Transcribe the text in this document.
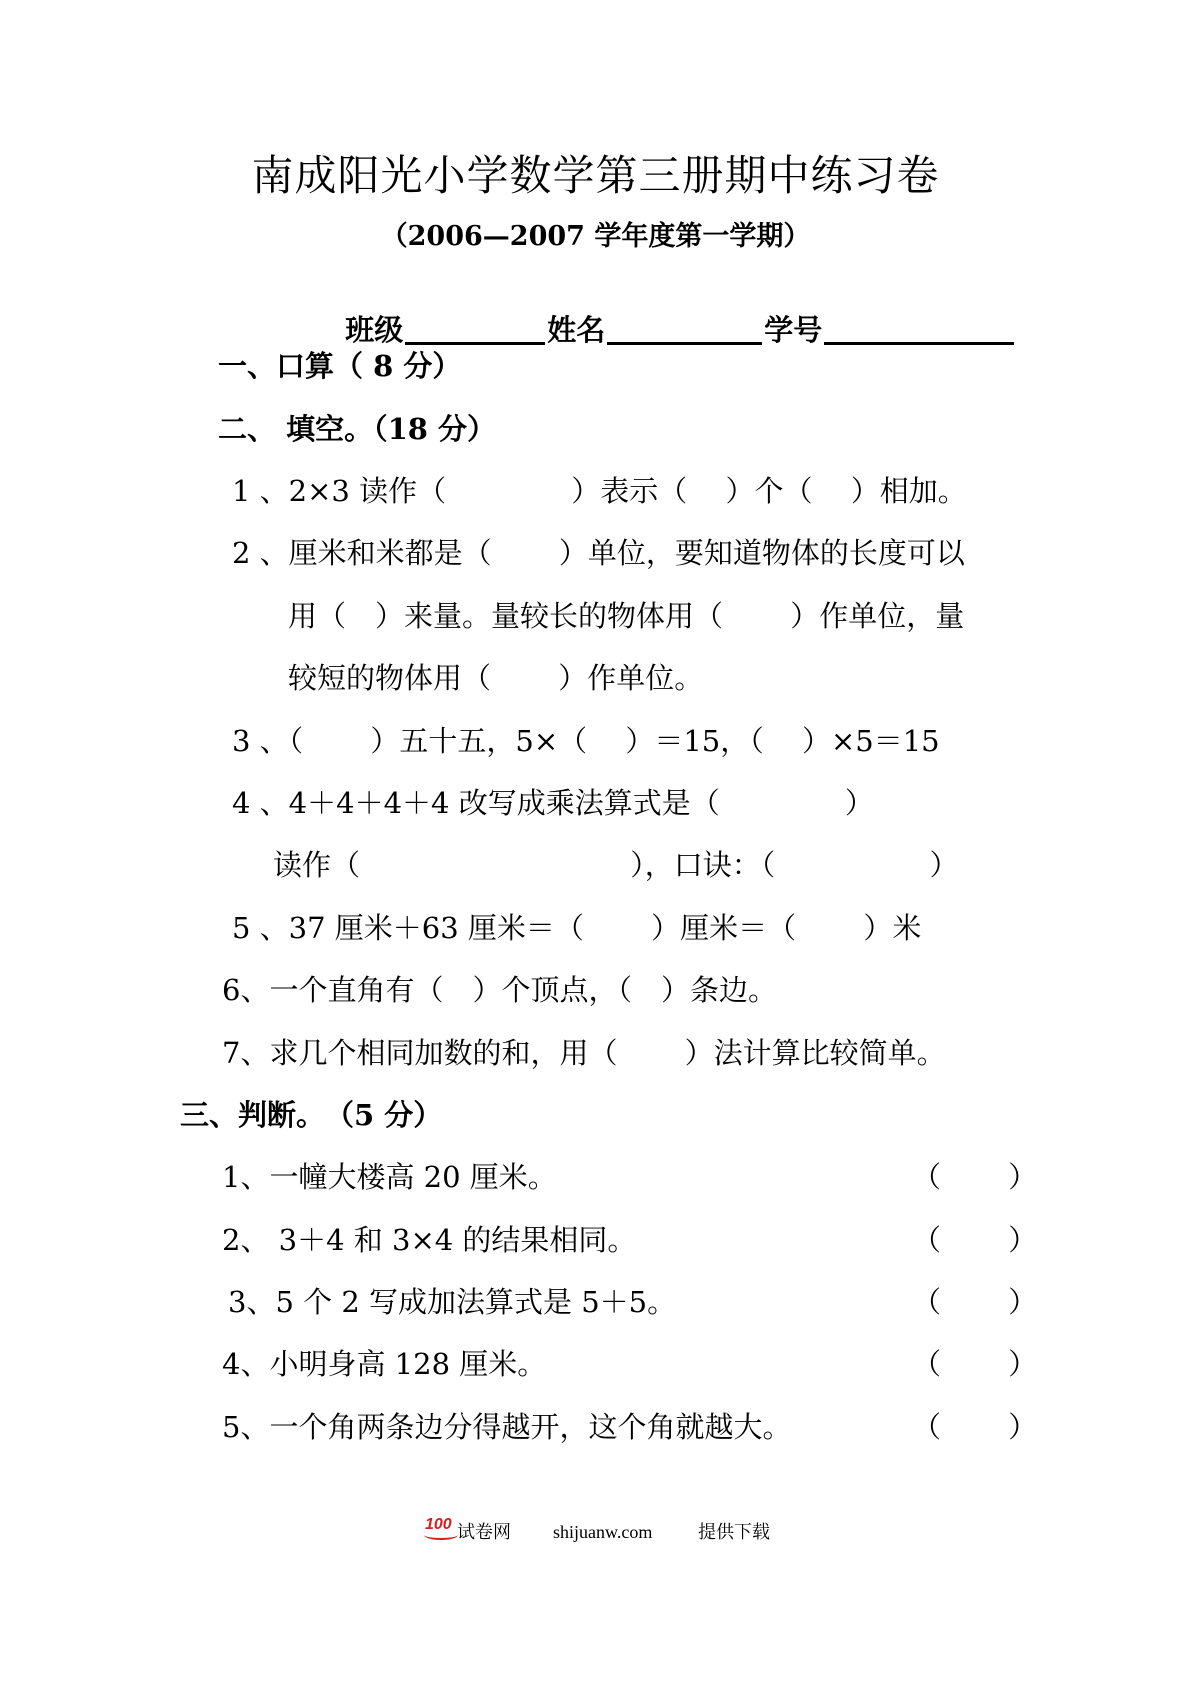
南成阳光小学数学第三册期中练习卷
（2006—2007 学年度第一学期）

班级	姓名	学号

一、口算（ 8 分）
二、 填空。（18 分）
1 、2×3 读作（　　　　 ）表示（　 ）个（　 ）相加。
2 、厘米和米都是（　　 ）单位，要知道物体的长度可以
用（　）来量。量较长的物体用（　　 ）作单位，量
较短的物体用（　　 ）作单位。
3 、（　　 ）五十五，5×（　 ）＝15，（　 ）×5＝15
4 、4＋4＋4＋4 改写成乘法算式是（　　　　 ）
读作（　　　　　　　　　 ），口诀：（　　　　　 ）
5 、37 厘米＋63 厘米＝（　　 ）厘米＝（　　 ）米
6、一个直角有（　）个顶点，（　）条边。
7、求几个相同加数的和，用（　　 ）法计算比较简单。
三、判断。　（5 分）
1、一幢大楼高 20 厘米。	（　　 ）
2、 3＋4 和 3×4 的结果相同。	（　　 ）
3、5 个 2 写成加法算式是 5＋5。	（　　 ）
4、小明身高 128 厘米。	（　　 ）
5、一个角两条边分得越开，这个角就越大。	（　　 ）
100 试卷网 shijuanw.com	提供下载
